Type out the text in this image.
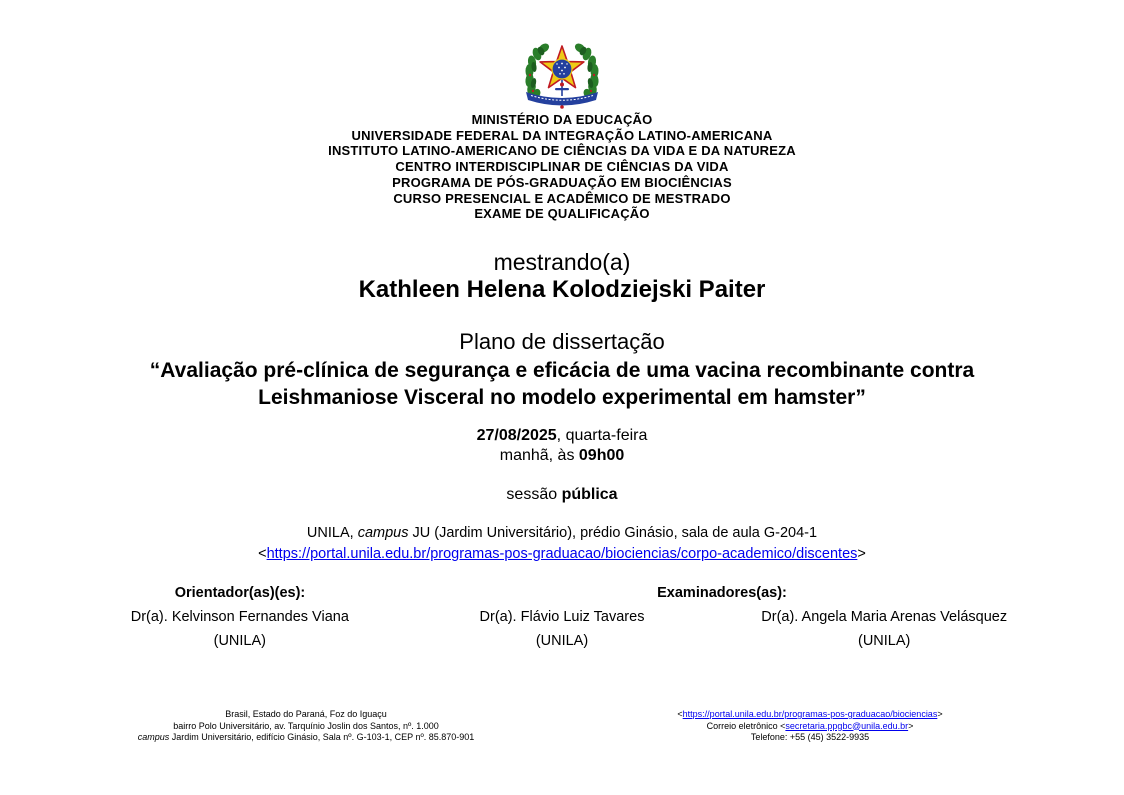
MINISTÉRIO DA EDUCAÇÃO
UNIVERSIDADE FEDERAL DA INTEGRAÇÃO LATINO-AMERICANA
INSTITUTO LATINO-AMERICANO DE CIÊNCIAS DA VIDA E DA NATUREZA
CENTRO INTERDISCIPLINAR DE CIÊNCIAS DA VIDA
PROGRAMA DE PÓS-GRADUAÇÃO EM BIOCIÊNCIAS
CURSO PRESENCIAL E ACADÊMICO DE MESTRADO
EXAME DE QUALIFICAÇÃO
mestrando(a)
Kathleen Helena Kolodziejski Paiter
Plano de dissertação
“Avaliação pré-clínica de segurança e eficácia de uma vacina recombinante contra
Leishmaniose Visceral no modelo experimental em hamster”
27/08/2025, quarta-feira
manhã, às 09h00
sessão pública
UNILA, campus JU (Jardim Universitário), prédio Ginásio, sala de aula G-204-1
<https://portal.unila.edu.br/programas-pos-graduacao/biociencias/corpo-academico/discentes>
Orientador(as)(es):	Examinadores(as):
Dr(a). Kelvinson Fernandes Viana	Dr(a). Flávio Luiz Tavares	Dr(a). Angela Maria Arenas Velásquez
(UNILA)	(UNILA)	(UNILA)
Brasil, Estado do Paraná, Foz do Iguaçu
bairro Polo Universitário, av. Tarquínio Joslin dos Santos, nº. 1.000
campus Jardim Universitário, edifício Ginásio, Sala nº. G-103-1, CEP nº. 85.870-901
<https://portal.unila.edu.br/programas-pos-graduacao/biociencias>
Correio eletrônico <secretaria.ppgbc@unila.edu.br>
Telefone: +55 (45) 3522-9935
